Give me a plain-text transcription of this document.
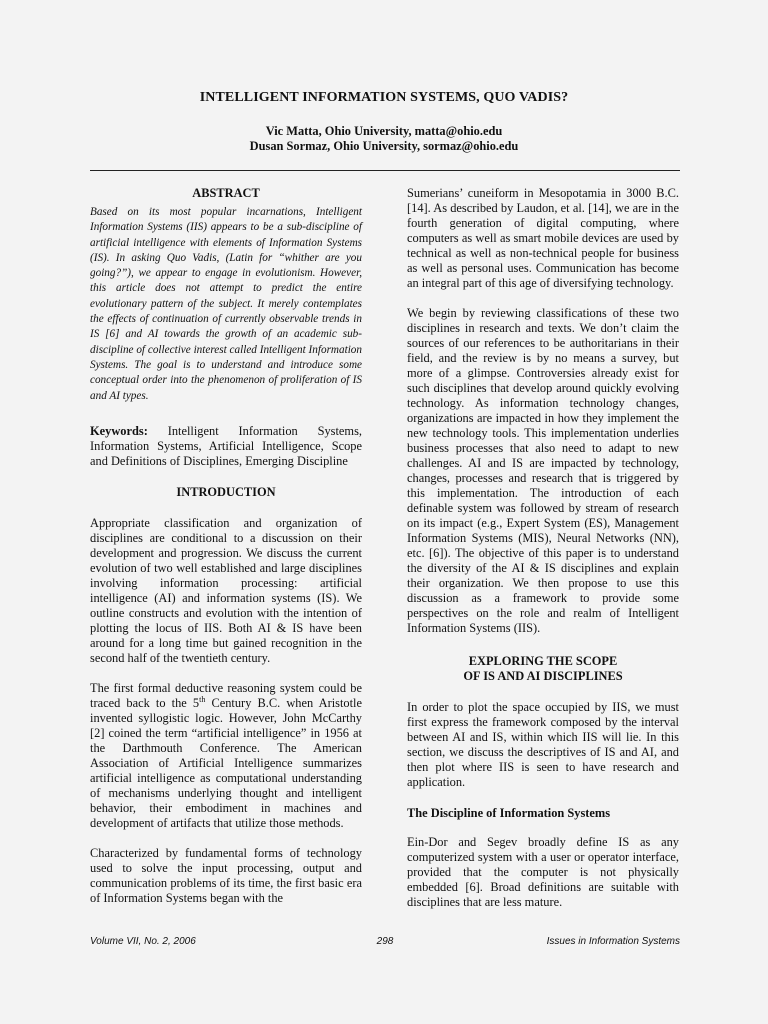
INTELLIGENT INFORMATION SYSTEMS, QUO VADIS?
Vic Matta, Ohio University, matta@ohio.edu
Dusan Sormaz, Ohio University, sormaz@ohio.edu
ABSTRACT

Based on its most popular incarnations, Intelligent Information Systems (IIS) appears to be a sub-discipline of artificial intelligence with elements of Information Systems (IS). In asking Quo Vadis, (Latin for “whither are you going?”), we appear to engage in evolutionism. However, this article does not attempt to predict the entire evolutionary pattern of the subject. It merely contemplates the effects of continuation of currently observable trends in IS [6] and AI towards the growth of an academic sub-discipline of collective interest called Intelligent Information Systems. The goal is to understand and introduce some conceptual order into the phenomenon of proliferation of IS and AI types.

Keywords: Intelligent Information Systems, Information Systems, Artificial Intelligence, Scope and Definitions of Disciplines, Emerging Discipline

INTRODUCTION

Appropriate classification and organization of disciplines are conditional to a discussion on their development and progression. We discuss the current evolution of two well established and large disciplines involving information processing: artificial intelligence (AI) and information systems (IS). We outline constructs and evolution with the intention of plotting the locus of IIS. Both AI & IS have been around for a long time but gained recognition in the second half of the twentieth century.

The first formal deductive reasoning system could be traced back to the 5th Century B.C. when Aristotle invented syllogistic logic. However, John McCarthy [2] coined the term “artificial intelligence” in 1956 at the Darthmouth Conference. The American Association of Artificial Intelligence summarizes artificial intelligence as computational understanding of mechanisms underlying thought and intelligent behavior, their embodiment in machines and development of artifacts that utilize those methods.

Characterized by fundamental forms of technology used to solve the input processing, output and communication problems of its time, the first basic era of Information Systems began with the

Sumerians’ cuneiform in Mesopotamia in 3000 B.C. [14]. As described by Laudon, et al. [14], we are in the fourth generation of digital computing, where computers as well as smart mobile devices are used by technical as well as non-technical people for business as well as personal uses. Communication has become an integral part of this age of diversifying technology.

We begin by reviewing classifications of these two disciplines in research and texts. We don’t claim the sources of our references to be authoritarians in their field, and the review is by no means a survey, but more of a glimpse. Controversies already exist for such disciplines that develop around quickly evolving technology. As information technology changes, organizations are impacted in how they implement the new technology tools. This implementation underlies business processes that also need to adapt to new challenges. AI and IS are impacted by technology, changes, processes and research that is triggered by this implementation. The introduction of each definable system was followed by stream of research on its impact (e.g., Expert System (ES), Management Information Systems (MIS), Neural Networks (NN), etc. [6]). The objective of this paper is to understand the diversity of the AI & IS disciplines and explain their organization. We then propose to use this discussion as a framework to provide some perspectives on the role and realm of Intelligent Information Systems (IIS).

EXPLORING THE SCOPE
OF IS AND AI DISCIPLINES

In order to plot the space occupied by IIS, we must first express the framework composed by the interval between AI and IS, within which IIS will lie. In this section, we discuss the descriptives of IS and AI, and then plot where IIS is seen to have research and application.

The Discipline of Information Systems

Ein-Dor and Segev broadly define IS as any computerized system with a user or operator interface, provided that the computer is not physically embedded [6]. Broad definitions are suitable with disciplines that are less mature.

Volume VII, No. 2, 2006	298	Issues in Information Systems
